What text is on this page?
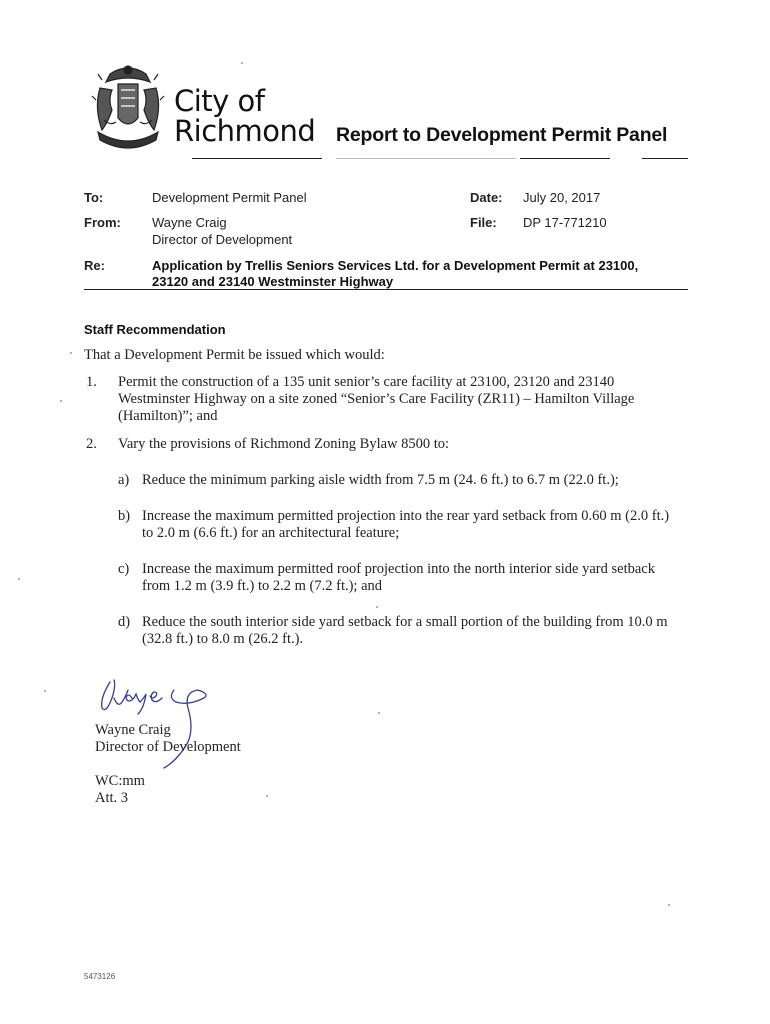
City of
Richmond Report to Development Permit Panel
To:	Development Permit Panel	Date: July 20, 2017
From: Wayne Craig
Director of Development
File: DP 17-771210
Re:	Application by Trellis Seniors Services Ltd. for a Development Permit at 23100,
23120 and 23140 Westminster Highway
Staff Recommendation
That a Development Permit be issued which would:
1. Permit the construction of a 135 unit senior’s care facility at 23100, 23120 and 23140
Westminster Highway on a site zoned “Senior’s Care Facility (ZR11) – Hamilton Village
(Hamilton)”; and
2. Vary the provisions of Richmond Zoning Bylaw 8500 to:
a) Reduce the minimum parking aisle width from 7.5 m (24. 6 ft.) to 6.7 m (22.0 ft.);
b) Increase the maximum permitted projection into the rear yard setback from 0.60 m (2.0 ft.)
to 2.0 m (6.6 ft.) for an architectural feature;
c) Increase the maximum permitted roof projection into the north interior side yard setback
from 1.2 m (3.9 ft.) to 2.2 m (7.2 ft.); and
d) Reduce the south interior side yard setback for a small portion of the building from 10.0 m
(32.8 ft.) to 8.0 m (26.2 ft.).
Wayne Craig
Director of Development
WC:mm
Att. 3
5473126
